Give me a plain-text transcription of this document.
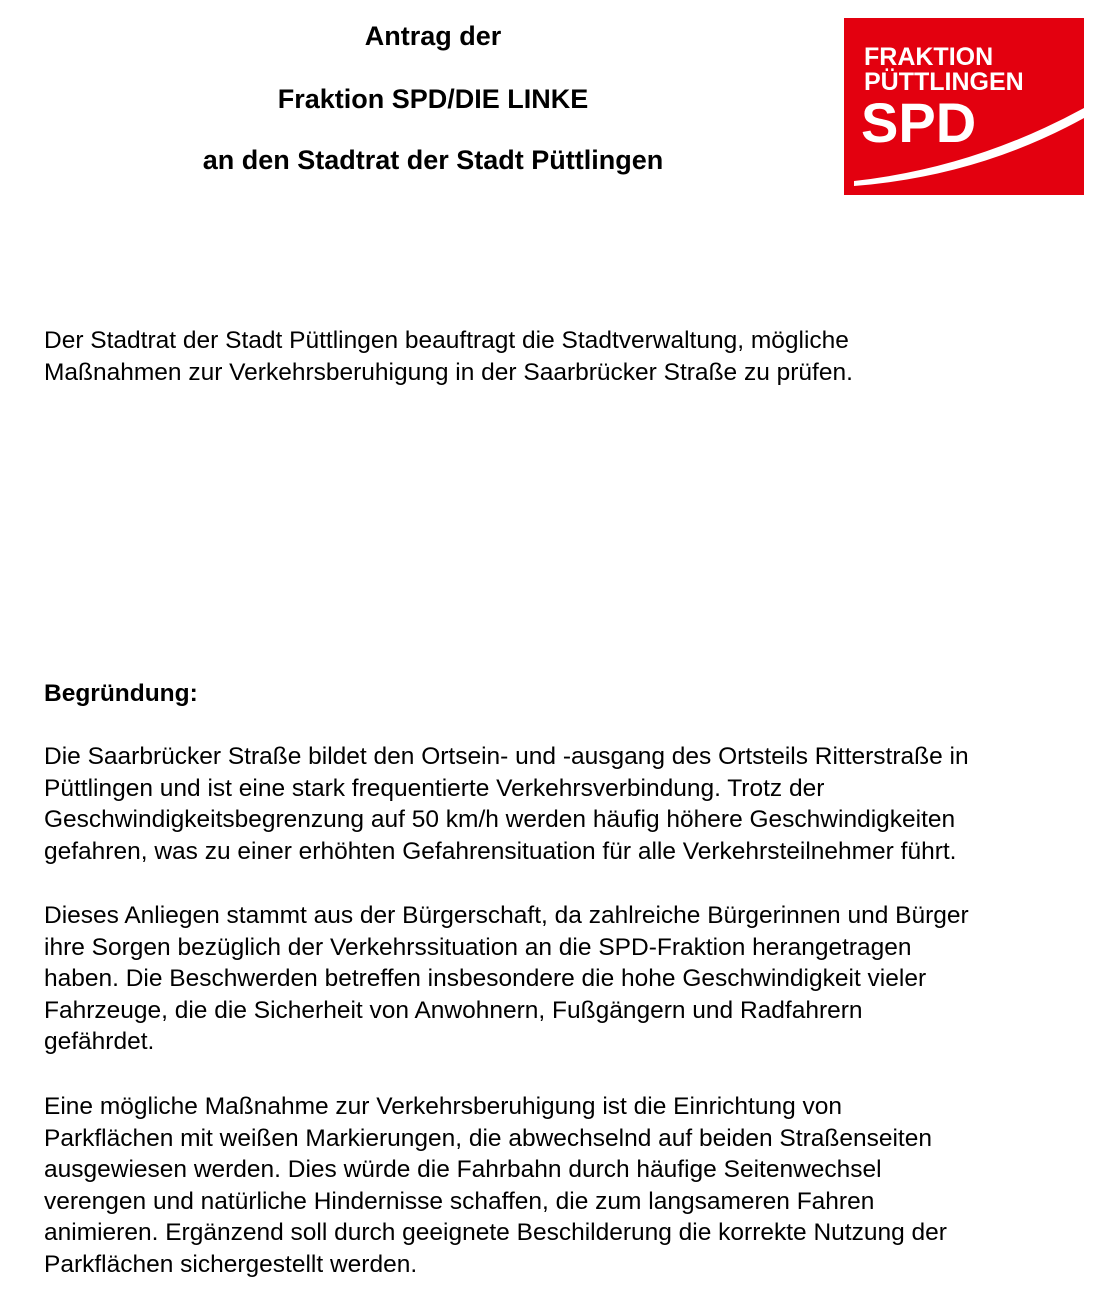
Antrag der
Fraktion SPD/DIE LINKE
an den Stadtrat der Stadt Püttlingen
FRAKTION
PÜTTLINGEN
SPD
Der Stadtrat der Stadt Püttlingen beauftragt die Stadtverwaltung, mögliche
Maßnahmen zur Verkehrsberuhigung in der Saarbrücker Straße zu prüfen.
Begründung:
Die Saarbrücker Straße bildet den Ortsein- und -ausgang des Ortsteils Ritterstraße in
Püttlingen und ist eine stark frequentierte Verkehrsverbindung. Trotz der
Geschwindigkeitsbegrenzung auf 50 km/h werden häufig höhere Geschwindigkeiten
gefahren, was zu einer erhöhten Gefahrensituation für alle Verkehrsteilnehmer führt.
Dieses Anliegen stammt aus der Bürgerschaft, da zahlreiche Bürgerinnen und Bürger
ihre Sorgen bezüglich der Verkehrssituation an die SPD-Fraktion herangetragen
haben. Die Beschwerden betreffen insbesondere die hohe Geschwindigkeit vieler
Fahrzeuge, die die Sicherheit von Anwohnern, Fußgängern und Radfahrern
gefährdet.
Eine mögliche Maßnahme zur Verkehrsberuhigung ist die Einrichtung von
Parkflächen mit weißen Markierungen, die abwechselnd auf beiden Straßenseiten
ausgewiesen werden. Dies würde die Fahrbahn durch häufige Seitenwechsel
verengen und natürliche Hindernisse schaffen, die zum langsameren Fahren
animieren. Ergänzend soll durch geeignete Beschilderung die korrekte Nutzung der
Parkflächen sichergestellt werden.
